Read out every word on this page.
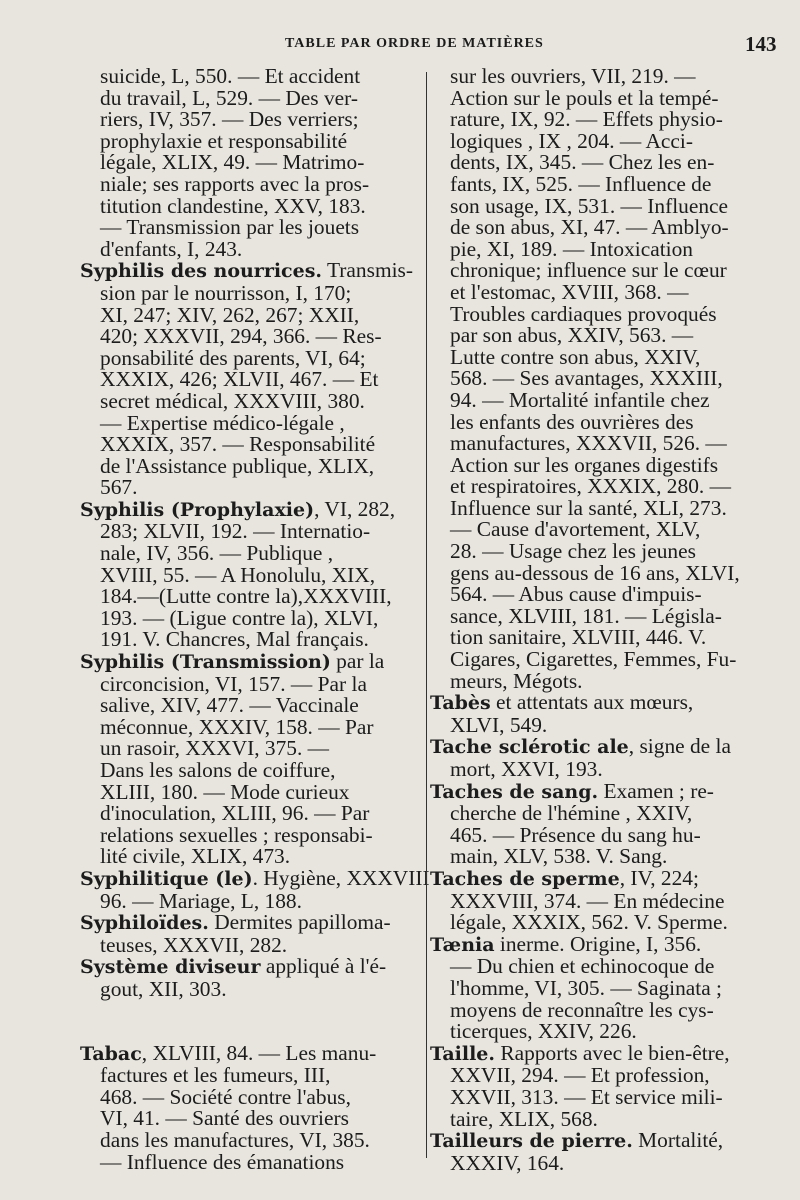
TABLE PAR ORDRE DE MATIÈRES	143
suicide, L, 550. — Et accident
du travail, L, 529. — Des ver-
riers, IV, 357. — Des verriers;
prophylaxie et responsabilité
légale, XLIX, 49. — Matrimo-
niale; ses rapports avec la pros-
titution clandestine, XXV, 183.
— Transmission par les jouets
d'enfants, I, 243.
Syphilis des nourrices. Transmis-
sion par le nourrisson, I, 170;
XI, 247; XIV, 262, 267; XXII,
420; XXXVII, 294, 366. — Res-
ponsabilité des parents, VI, 64;
XXXIX, 426; XLVII, 467. — Et
secret médical, XXXVIII, 380.
— Expertise médico-légale ,
XXXIX, 357. — Responsabilité
de l'Assistance publique, XLIX,
567.
Syphilis (Prophylaxie), VI, 282,
283; XLVII, 192. — Internatio-
nale, IV, 356. — Publique ,
XVIII, 55. — A Honolulu, XIX,
184.—(Lutte contre la),XXXVIII,
193. — (Ligue contre la), XLVI,
191. V. Chancres, Mal français.
Syphilis (Transmission) par la
circoncision, VI, 157. — Par la
salive, XIV, 477. — Vaccinale
méconnue, XXXIV, 158. — Par
un rasoir, XXXVI, 375. —
Dans les salons de coiffure,
XLIII, 180. — Mode curieux
d'inoculation, XLIII, 96. — Par
relations sexuelles ; responsabi-
lité civile, XLIX, 473.
Syphilitique (le). Hygiène, XXXVIII
96. — Mariage, L, 188.
Syphiloïdes. Dermites papilloma-
teuses, XXXVII, 282.
Système diviseur appliqué à l'é-
gout, XII, 303.
Tabac, XLVIII, 84. — Les manu-
factures et les fumeurs, III,
468. — Société contre l'abus,
VI, 41. — Santé des ouvriers
dans les manufactures, VI, 385.
— Influence des émanations
sur les ouvriers, VII, 219. —
Action sur le pouls et la tempé-
rature, IX, 92. — Effets physio-
logiques , IX , 204. — Acci-
dents, IX, 345. — Chez les en-
fants, IX, 525. — Influence de
son usage, IX, 531. — Influence
de son abus, XI, 47. — Amblyo-
pie, XI, 189. — Intoxication
chronique; influence sur le cœur
et l'estomac, XVIII, 368. —
Troubles cardiaques provoqués
par son abus, XXIV, 563. —
Lutte contre son abus, XXIV,
568. — Ses avantages, XXXIII,
94. — Mortalité infantile chez
les enfants des ouvrières des
manufactures, XXXVII, 526. —
Action sur les organes digestifs
et respiratoires, XXXIX, 280. —
Influence sur la santé, XLI, 273.
— Cause d'avortement, XLV,
28. — Usage chez les jeunes
gens au-dessous de 16 ans, XLVI,
564. — Abus cause d'impuis-
sance, XLVIII, 181. — Législa-
tion sanitaire, XLVIII, 446. V.
Cigares, Cigarettes, Femmes, Fu-
meurs, Mégots.
Tabès et attentats aux mœurs,
XLVI, 549.
Tache sclérotic ale, signe de la
mort, XXVI, 193.
Taches de sang. Examen ; re-
cherche de l'hémine , XXIV,
465. — Présence du sang hu-
main, XLV, 538. V. Sang.
Taches de sperme, IV, 224;
XXXVIII, 374. — En médecine
légale, XXXIX, 562. V. Sperme.
Tænia inerme. Origine, I, 356.
— Du chien et echinocoque de
l'homme, VI, 305. — Saginata ;
moyens de reconnaître les cys-
ticerques, XXIV, 226.
Taille. Rapports avec le bien-être,
XXVII, 294. — Et profession,
XXVII, 313. — Et service mili-
taire, XLIX, 568.
Tailleurs de pierre. Mortalité,
XXXIV, 164.
